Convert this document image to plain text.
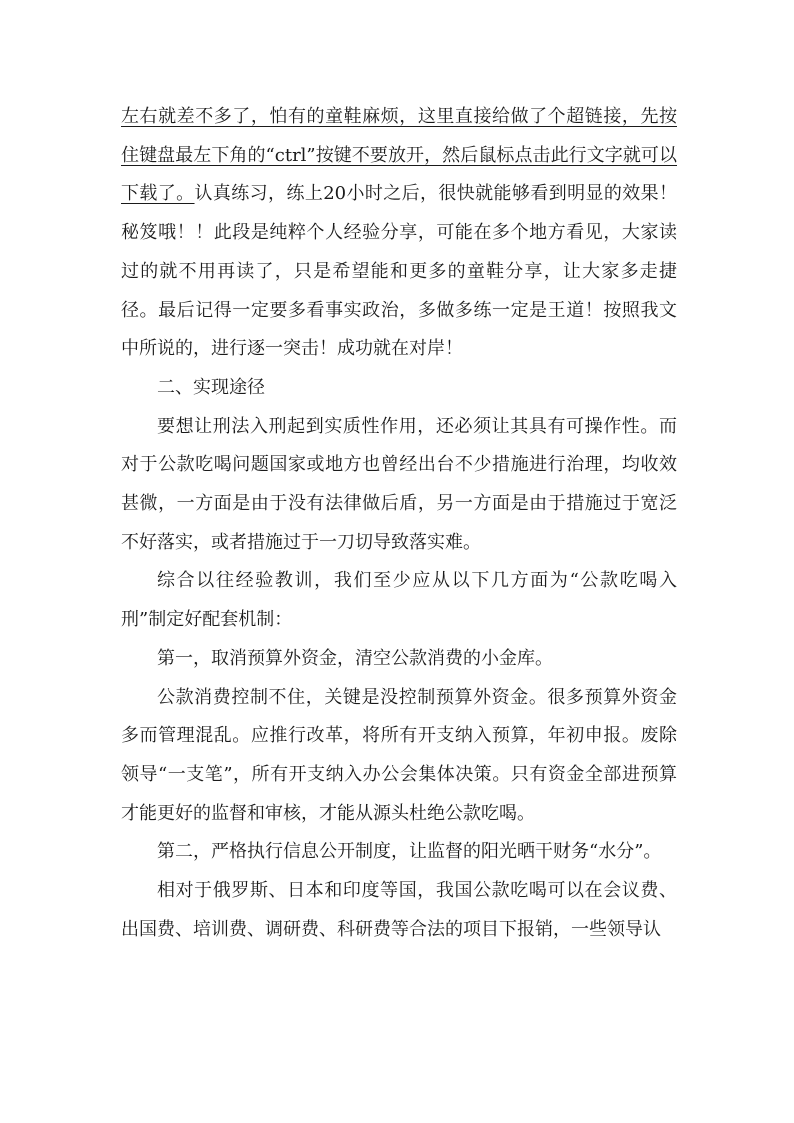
左右就差不多了，怕有的童鞋麻烦，这里直接给做了个超链接，先按住键盘最左下角的“ctrl”按键不要放开，然后鼠标点击此行文字就可以下载了。认真练习，练上20小时之后，很快就能够看到明显的效果！秘笈哦！！此段是纯粹个人经验分享，可能在多个地方看见，大家读过的就不用再读了，只是希望能和更多的童鞋分享，让大家多走捷径。最后记得一定要多看事实政治，多做多练一定是王道！按照我文中所说的，进行逐一突击！成功就在对岸！

二、实现途径

要想让刑法入刑起到实质性作用，还必须让其具有可操作性。而对于公款吃喝问题国家或地方也曾经出台不少措施进行治理，均收效甚微，一方面是由于没有法律做后盾，另一方面是由于措施过于宽泛不好落实，或者措施过于一刀切导致落实难。

综合以往经验教训，我们至少应从以下几方面为“公款吃喝入刑”制定好配套机制：

第一，取消预算外资金，清空公款消费的小金库。

公款消费控制不住，关键是没控制预算外资金。很多预算外资金多而管理混乱。应推行改革，将所有开支纳入预算，年初申报。废除领导“一支笔”，所有开支纳入办公会集体决策。只有资金全部进预算才能更好的监督和审核，才能从源头杜绝公款吃喝。

第二，严格执行信息公开制度，让监督的阳光晒干财务“水分”。

相对于俄罗斯、日本和印度等国，我国公款吃喝可以在会议费、出国费、培训费、调研费、科研费等合法的项目下报销，一些领导认
